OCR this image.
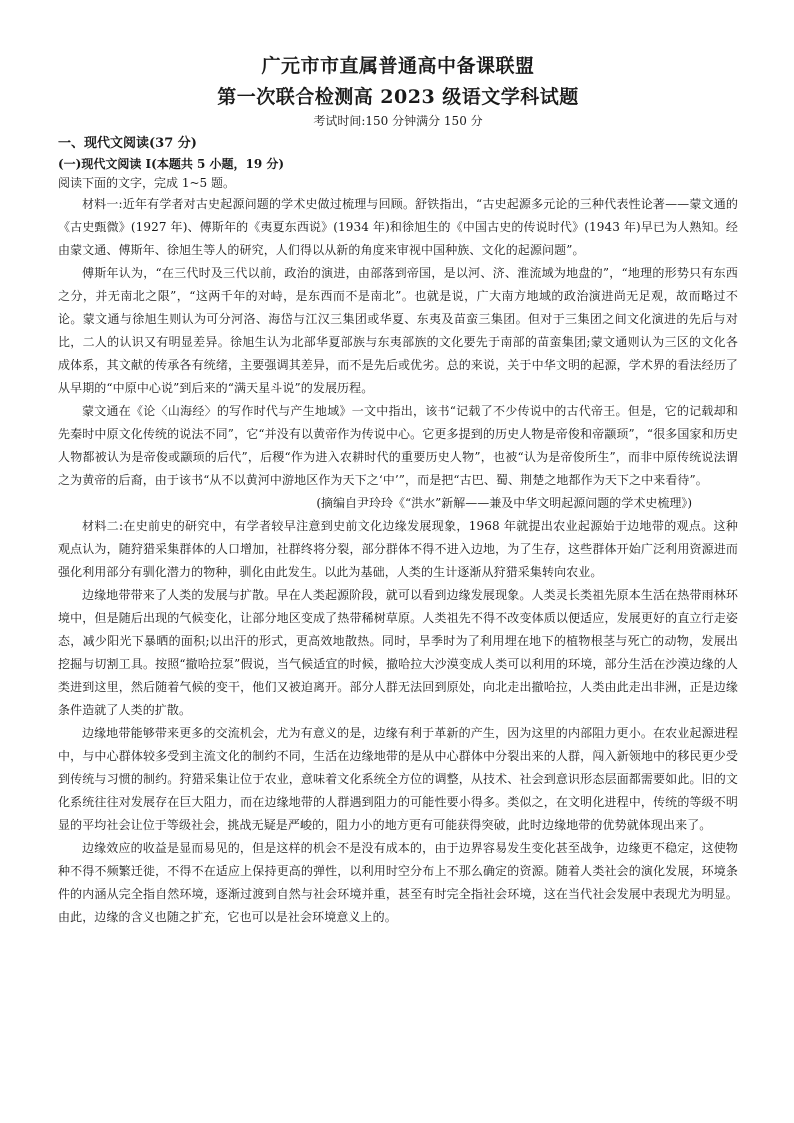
广元市市直属普通高中备课联盟
第一次联合检测高 2023 级语文学科试题
考试时间:150 分钟满分 150 分
一、现代文阅读(37 分)
(一)现代文阅读 I(本题共 5 小题，19 分)
阅读下面的文字，完成 1~5 题。

材料一:近年有学者对古史起源问题的学术史做过梳理与回顾。舒铁指出，“古史起源多元论的三种代表性论著——蒙文通的《古史甄微》(1927 年)、傅斯年的《夷夏东西说》(1934 年)和徐旭生的《中国古史的传说时代》(1943 年)早已为人熟知。经由蒙文通、傅斯年、徐旭生等人的研究，人们得以从新的角度来审视中国种族、文化的起源问题”。

傅斯年认为，“在三代时及三代以前，政治的演进，由部落到帝国，是以河、济、淮流域为地盘的”，“地理的形势只有东西之分，并无南北之限”，“这两千年的对峙，是东西而不是南北”。也就是说，广大南方地域的政治演进尚无足观，故而略过不论。蒙文通与徐旭生则认为可分河洛、海岱与江汉三集团或华夏、东夷及苗蛮三集团。但对于三集团之间文化演进的先后与对比，二人的认识又有明显差异。徐旭生认为北部华夏部族与东夷部族的文化要先于南部的苗蛮集团;蒙文通则认为三区的文化各成体系，其文献的传承各有统绪，主要强调其差异，而不是先后或优劣。总的来说，关于中华文明的起源，学术界的看法经历了从早期的“中原中心说”到后来的“满天星斗说”的发展历程。

蒙文通在《论〈山海经〉的写作时代与产生地域》一文中指出，该书“记载了不少传说中的古代帝王。但是，它的记载却和先秦时中原文化传统的说法不同”，它“并没有以黄帝作为传说中心。它更多提到的历史人物是帝俊和帝颛顼”，“很多国家和历史人物都被认为是帝俊或颛顼的后代”，后稷“作为进入农耕时代的重要历史人物”，也被“认为是帝俊所生”，而非中原传统说法谓之为黄帝的后裔，由于该书“从不以黄河中游地区作为天下之‘中’”，而是把“古巴、蜀、荆楚之地都作为天下之中来看待”。

(摘编自尹玲玲《“洪水”新解——兼及中华文明起源问题的学术史梳理》)

材料二:在史前史的研究中，有学者较早注意到史前文化边缘发展现象，1968 年就提出农业起源始于边地带的观点。这种观点认为，随狩猎采集群体的人口增加，社群终将分裂，部分群体不得不进入边地，为了生存，这些群体开始广泛利用资源进而强化利用部分有驯化潜力的物种，驯化由此发生。以此为基础，人类的生计逐渐从狩猎采集转向农业。

边缘地带带来了人类的发展与扩散。早在人类起源阶段，就可以看到边缘发展现象。人类灵长类祖先原本生活在热带雨林环境中，但是随后出现的气候变化，让部分地区变成了热带稀树草原。人类祖先不得不改变体质以便适应，发展更好的直立行走姿态，减少阳光下暴晒的面积;以出汗的形式，更高效地散热。同时，旱季时为了利用埋在地下的植物根茎与死亡的动物，发展出挖掘与切割工具。按照“撤哈拉泵”假说，当气候适宜的时候，撤哈拉大沙漠变成人类可以利用的环境，部分生活在沙漠边缘的人类进到这里，然后随着气候的变干，他们又被迫离开。部分人群无法回到原处，向北走出撤哈拉，人类由此走出非洲，正是边缘条件造就了人类的扩散。

边缘地带能够带来更多的交流机会，尤为有意义的是，边缘有利于革新的产生，因为这里的内部阻力更小。在农业起源进程中，与中心群体较多受到主流文化的制约不同，生活在边缘地带的是从中心群体中分裂出来的人群，闯入新领地中的移民更少受到传统与习惯的制约。狩猎采集让位于农业，意味着文化系统全方位的调整，从技术、社会到意识形态层面都需要如此。旧的文化系统往往对发展存在巨大阻力，而在边缘地带的人群遇到阻力的可能性要小得多。类似之，在文明化进程中，传统的等级不明显的平均社会让位于等级社会，挑战无疑是严峻的，阻力小的地方更有可能获得突破，此时边缘地带的优势就体现出来了。

边缘效应的收益是显而易见的，但是这样的机会不是没有成本的，由于边界容易发生变化甚至战争，边缘更不稳定，这使物种不得不频繁迁徙，不得不在适应上保持更高的弹性，以利用时空分布上不那么确定的资源。随着人类社会的演化发展，环境条件的内涵从完全指自然环境，逐渐过渡到自然与社会环境并重，甚至有时完全指社会环境，这在当代社会发展中表现尤为明显。由此，边缘的含义也随之扩充，它也可以是社会环境意义上的。
